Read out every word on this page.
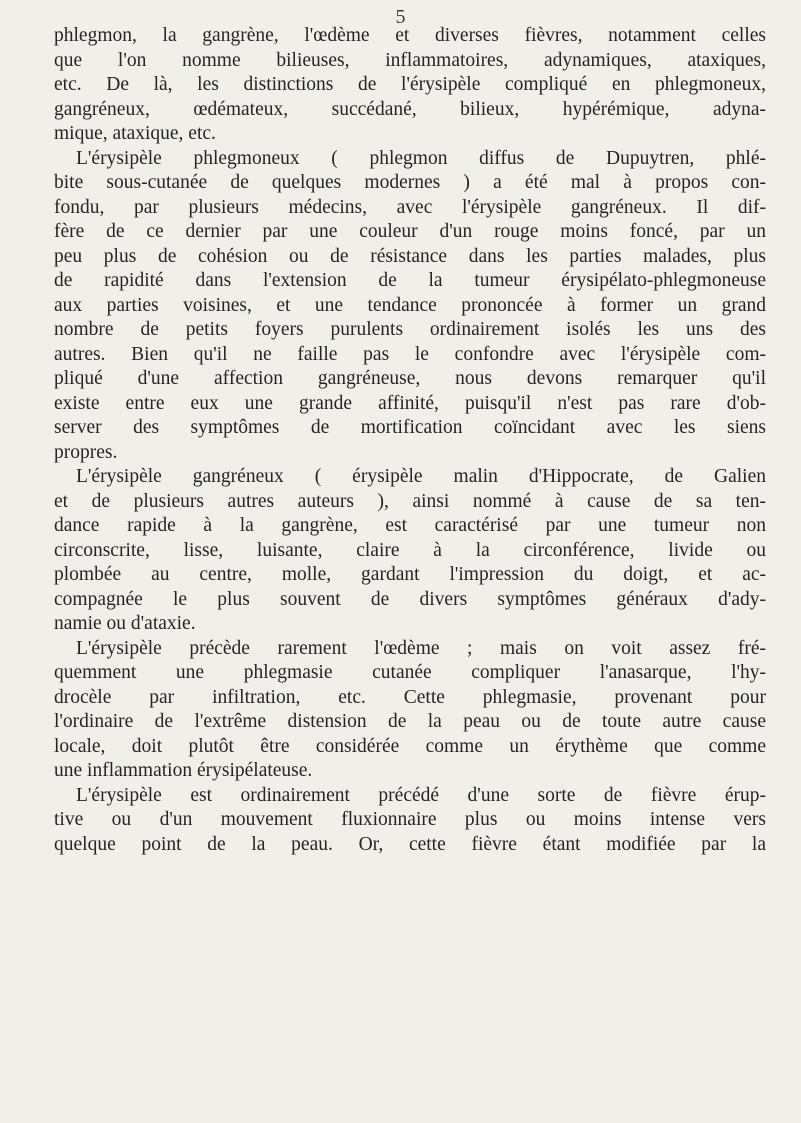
5
phlegmon, la gangrène, l'œdème et diverses fièvres, notamment celles
que l'on nomme bilieuses, inflammatoires, adynamiques, ataxiques,
etc. De là, les distinctions de l'érysipèle compliqué en phlegmoneux,
gangréneux, œdémateux, succédané, bilieux, hypérémique, adyna-
mique, ataxique, etc.
L'érysipèle phlegmoneux ( phlegmon diffus de Dupuytren, phlé-
bite sous-cutanée de quelques modernes ) a été mal à propos con-
fondu, par plusieurs médecins, avec l'érysipèle gangréneux. Il dif-
fère de ce dernier par une couleur d'un rouge moins foncé, par un
peu plus de cohésion ou de résistance dans les parties malades, plus
de rapidité dans l'extension de la tumeur érysipélato-phlegmoneuse
aux parties voisines, et une tendance prononcée à former un grand
nombre de petits foyers purulents ordinairement isolés les uns des
autres. Bien qu'il ne faille pas le confondre avec l'érysipèle com-
pliqué d'une affection gangréneuse, nous devons remarquer qu'il
existe entre eux une grande affinité, puisqu'il n'est pas rare d'ob-
server des symptômes de mortification coïncidant avec les siens
propres.
L'érysipèle gangréneux ( érysipèle malin d'Hippocrate, de Galien
et de plusieurs autres auteurs ), ainsi nommé à cause de sa ten-
dance rapide à la gangrène, est caractérisé par une tumeur non
circonscrite, lisse, luisante, claire à la circonférence, livide ou
plombée au centre, molle, gardant l'impression du doigt, et ac-
compagnée le plus souvent de divers symptômes généraux d'ady-
namie ou d'ataxie.
L'érysipèle précède rarement l'œdème ; mais on voit assez fré-
quemment une phlegmasie cutanée compliquer l'anasarque, l'hy-
drocèle par infiltration, etc. Cette phlegmasie, provenant pour
l'ordinaire de l'extrême distension de la peau ou de toute autre cause
locale, doit plutôt être considérée comme un érythème que comme
une inflammation érysipélateuse.
L'érysipèle est ordinairement précédé d'une sorte de fièvre érup-
tive ou d'un mouvement fluxionnaire plus ou moins intense vers
quelque point de la peau. Or, cette fièvre étant modifiée par la
